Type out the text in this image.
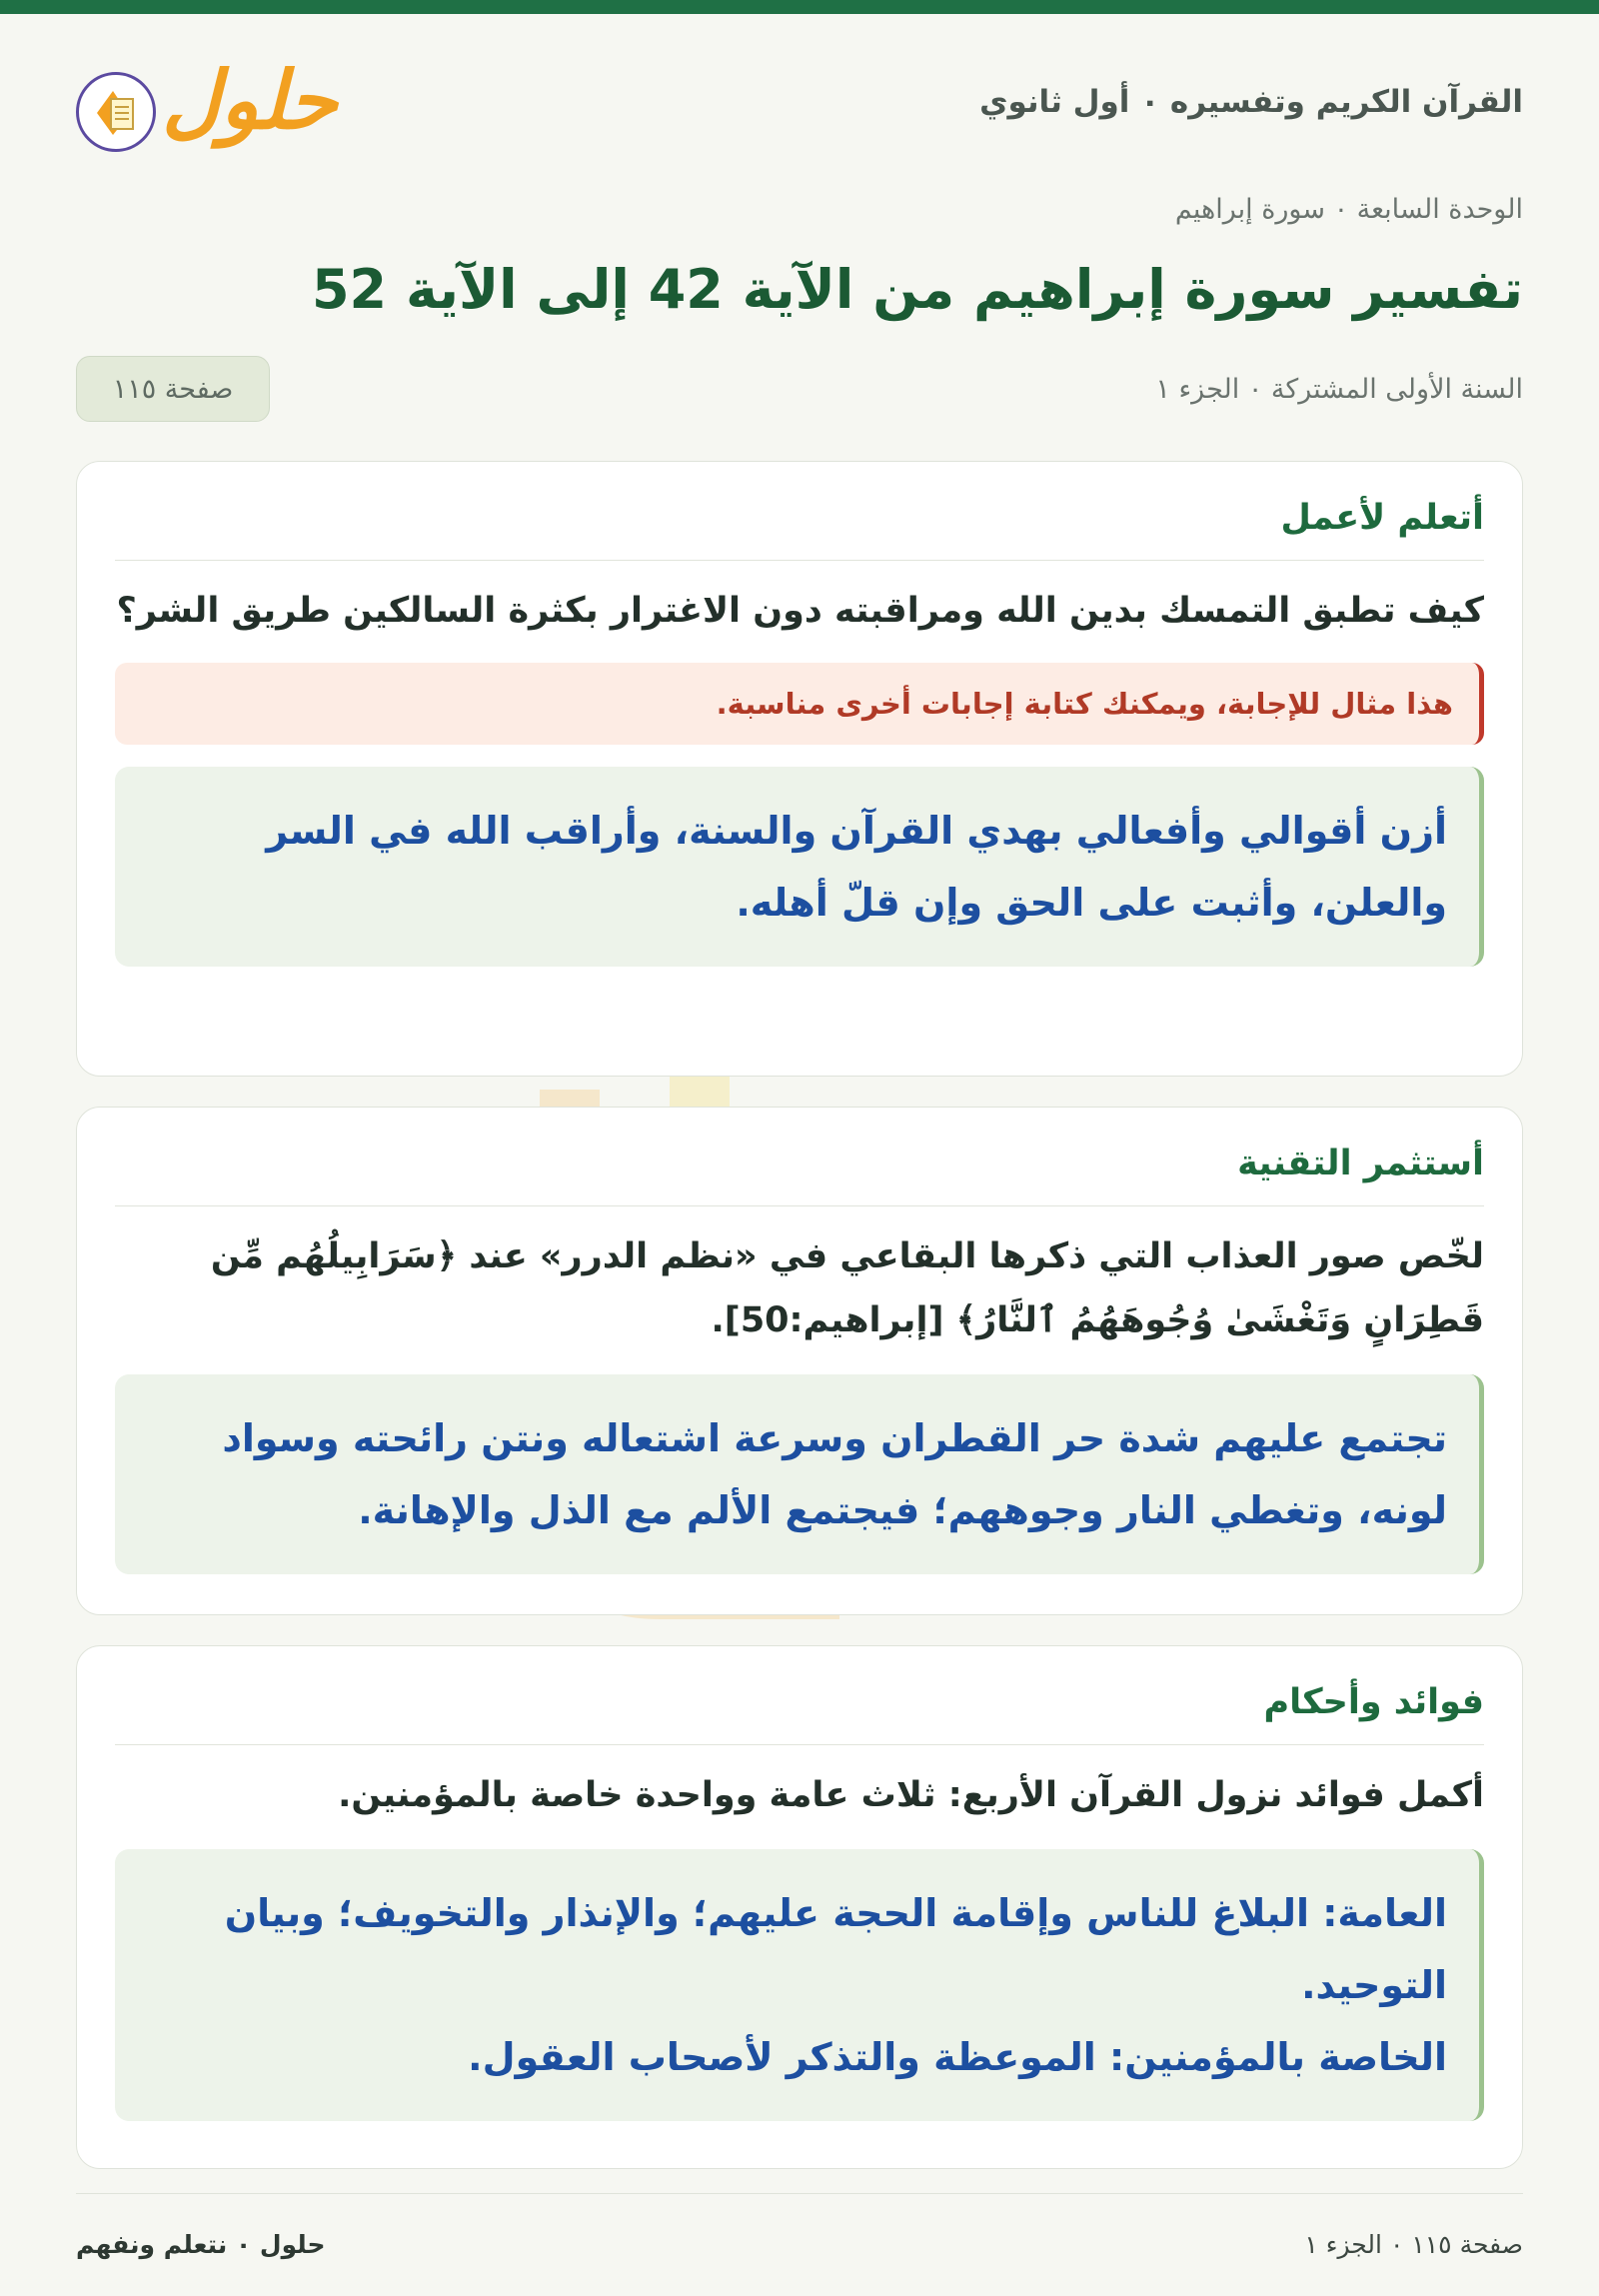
القرآن الكريم وتفسيره ۰ أول ثانوي
حلول
الوحدة السابعة ۰ سورة إبراهيم
تفسير سورة إبراهيم من الآية 42 إلى الآية 52
السنة الأولى المشتركة ۰ الجزء ١
صفحة ١١٥
أتعلم لأعمل
كيف تطبق التمسك بدين الله ومراقبته دون الاغترار بكثرة السالكين طريق الشر؟
هذا مثال للإجابة، ويمكنك كتابة إجابات أخرى مناسبة.
أزن أقوالي وأفعالي بهدي القرآن والسنة، وأراقب الله في السر والعلن، وأثبت على الحق وإن قلّ أهله.
أستثمر التقنية
لخّص صور العذاب التي ذكرها البقاعي في «نظم الدرر» عند ﴿سَرَابِيلُهُم مِّن قَطِرَانٍ وَتَغْشَىٰ وُجُوهَهُمُ ٱلنَّارُ﴾ [إبراهيم:50].
تجتمع عليهم شدة حر القطران وسرعة اشتعاله ونتن رائحته وسواد لونه، وتغطي النار وجوههم؛ فيجتمع الألم مع الذل والإهانة.
فوائد وأحكام
أكمل فوائد نزول القرآن الأربع: ثلاث عامة وواحدة خاصة بالمؤمنين.
العامة: البلاغ للناس وإقامة الحجة عليهم؛ والإنذار والتخويف؛ وبيان التوحيد.
الخاصة بالمؤمنين: الموعظة والتذكر لأصحاب العقول.
صفحة ١١٥ ۰ الجزء ١
حلول ۰ نتعلم ونفهم
